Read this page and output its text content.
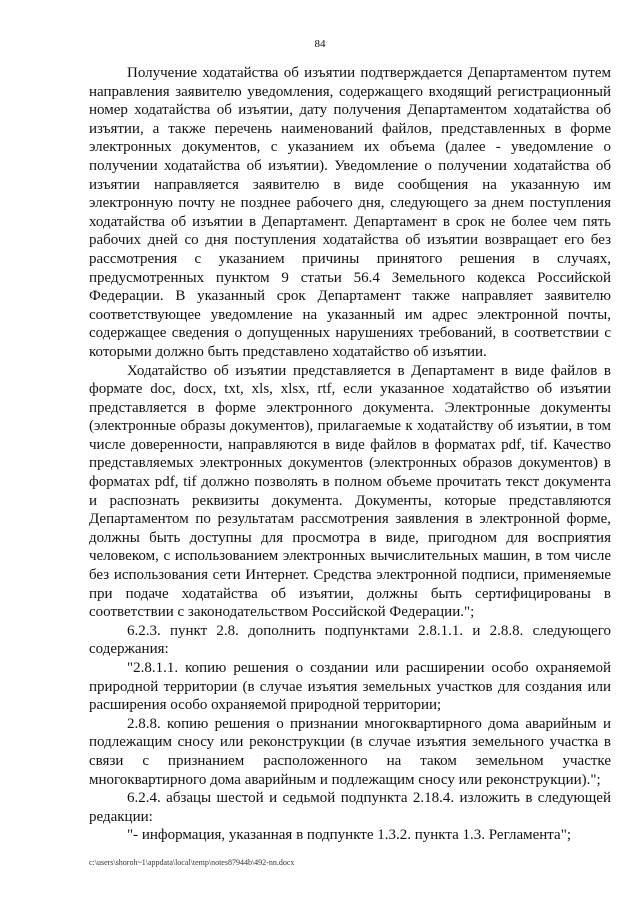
84

Получение ходатайства об изъятии подтверждается Департаментом путем направления заявителю уведомления, содержащего входящий регистрационный номер ходатайства об изъятии, дату получения Департаментом ходатайства об изъятии, а также перечень наименований файлов, представленных в форме электронных документов, с указанием их объема (далее - уведомление о получении ходатайства об изъятии). Уведомление о получении ходатайства об изъятии направляется заявителю в виде сообщения на указанную им электронную почту не позднее рабочего дня, следующего за днем поступления ходатайства об изъятии в Департамент. Департамент в срок не более чем пять рабочих дней со дня поступления ходатайства об изъятии возвращает его без рассмотрения с указанием причины принятого решения в случаях, предусмотренных пунктом 9 статьи 56.4 Земельного кодекса Российской Федерации. В указанный срок Департамент также направляет заявителю соответствующее уведомление на указанный им адрес электронной почты, содержащее сведения о допущенных нарушениях требований, в соответствии с которыми должно быть представлено ходатайство об изъятии.

Ходатайство об изъятии представляется в Департамент в виде файлов в формате doc, docx, txt, xls, xlsx, rtf, если указанное ходатайство об изъятии представляется в форме электронного документа. Электронные документы (электронные образы документов), прилагаемые к ходатайству об изъятии, в том числе доверенности, направляются в виде файлов в форматах pdf, tif. Качество представляемых электронных документов (электронных образов документов) в форматах pdf, tif должно позволять в полном объеме прочитать текст документа и распознать реквизиты документа. Документы, которые представляются Департаментом по результатам рассмотрения заявления в электронной форме, должны быть доступны для просмотра в виде, пригодном для восприятия человеком, с использованием электронных вычислительных машин, в том числе без использования сети Интернет. Средства электронной подписи, применяемые при подаче ходатайства об изъятии, должны быть сертифицированы в соответствии с законодательством Российской Федерации.";

6.2.3. пункт 2.8. дополнить подпунктами 2.8.1.1. и 2.8.8. следующего содержания:

"2.8.1.1. копию решения о создании или расширении особо охраняемой природной территории (в случае изъятия земельных участков для создания или расширения особо охраняемой природной территории;

2.8.8. копию решения о признании многоквартирного дома аварийным и подлежащим сносу или реконструкции (в случае изъятия земельного участка в связи с признанием расположенного на таком земельном участке многоквартирного дома аварийным и подлежащим сносу или реконструкции).";

6.2.4. абзацы шестой и седьмой подпункта 2.18.4. изложить в следующей редакции:

"- информация, указанная в подпункте 1.3.2. пункта 1.3. Регламента";

c:\users\shoroh~1\appdata\local\temp\notes87944b\492-nn.docx
